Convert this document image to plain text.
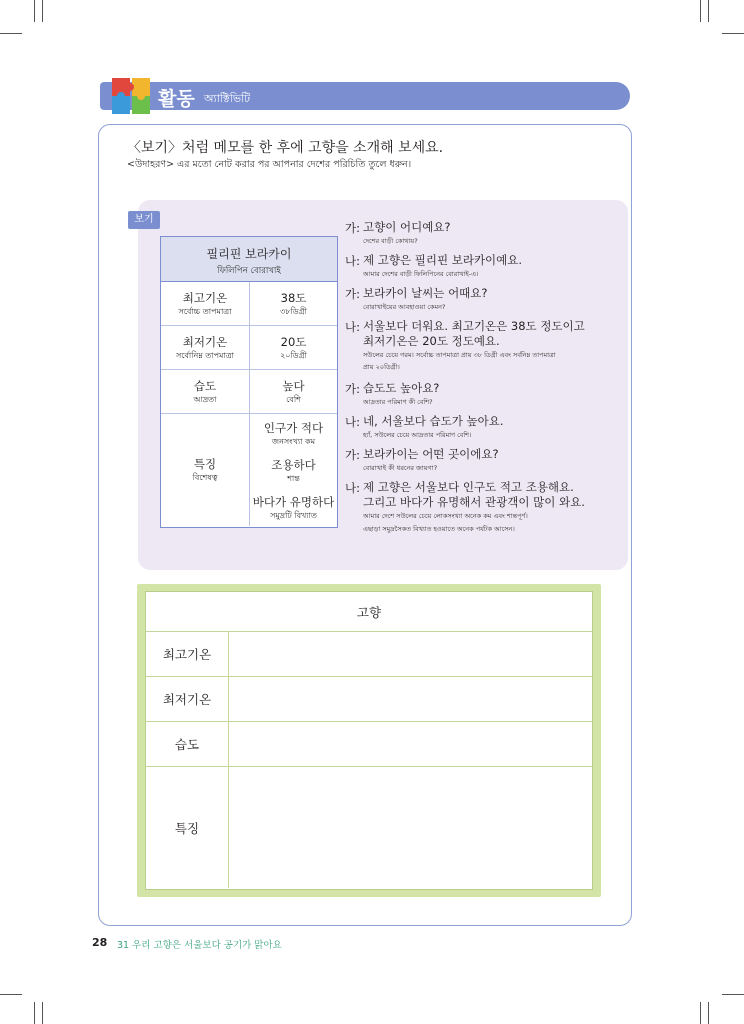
활동 অ্যাক্টিভিটি
〈보기〉처럼 메모를 한 후에 고향을 소개해 보세요.
<উদাহরণ> এর মতো নোট করার পর আপনার দেশের পরিচিতি তুলে ধরুন।
보기
필리핀 보라카이
ফিলিপিন বোরাখাই
최고기온
সর্বোচ্চ তাপমাত্রা
38도
৩৮ডিগ্রী
최저기온
সর্বোনিম্ন তাপমাত্রা
20도
২০ডিগ্রী
습도
আদ্রতা
높다
বেশি
특징
বিশেষত্ব
인구가 적다
জনসংখ্যা কম
조용하다
শান্ত
바다가 유명하다
সমুদ্রটি বিখ্যাত
가: 고향이 어디예요?
দেশের বাড়ী কোথায়?
나: 제 고향은 필리핀 보라카이예요.
আমার দেশের বাড়ী ফিলিপিনের বোরাখাই-এ।
가: 보라카이 날씨는 어때요?
বোরাখাইয়ের আবহাওয়া কেমন?
나: 서울보다 더워요. 최고기온은 38도 정도이고
최저기온은 20도 정도예요.
সউলের চেয়ে গরম। সর্বোচ্চ তাপমাত্রা প্রায় ৩৮ ডিগ্রী এবং সর্বনিম্ন তাপমাত্রা
প্রায় ২০ডিগ্রী।
가: 습도도 높아요?
আদ্রতার পরিমাণ কী বেশি?
나: 네, 서울보다 습도가 높아요.
হ্যাঁ, সউলের চেয়ে আদ্রতার পরিমাণ বেশি।
가: 보라카이는 어떤 곳이에요?
বোরাখাই কী ধরনের জায়গা?
나: 제 고향은 서울보다 인구도 적고 조용해요.
그리고 바다가 유명해서 관광객이 많이 와요.
আমার দেশে সউলের চেয়ে লোকসংখ্যা অনেক কম এবং শান্তপূর্ণ।
এছাড়া সমুদ্রসৈকত বিখ্যাত হওয়াতে অনেক পর্যটক আসেন।
고향
최고기온
최저기온
습도
특징
28 31 우리 고향은 서울보다 공기가 맑아요
